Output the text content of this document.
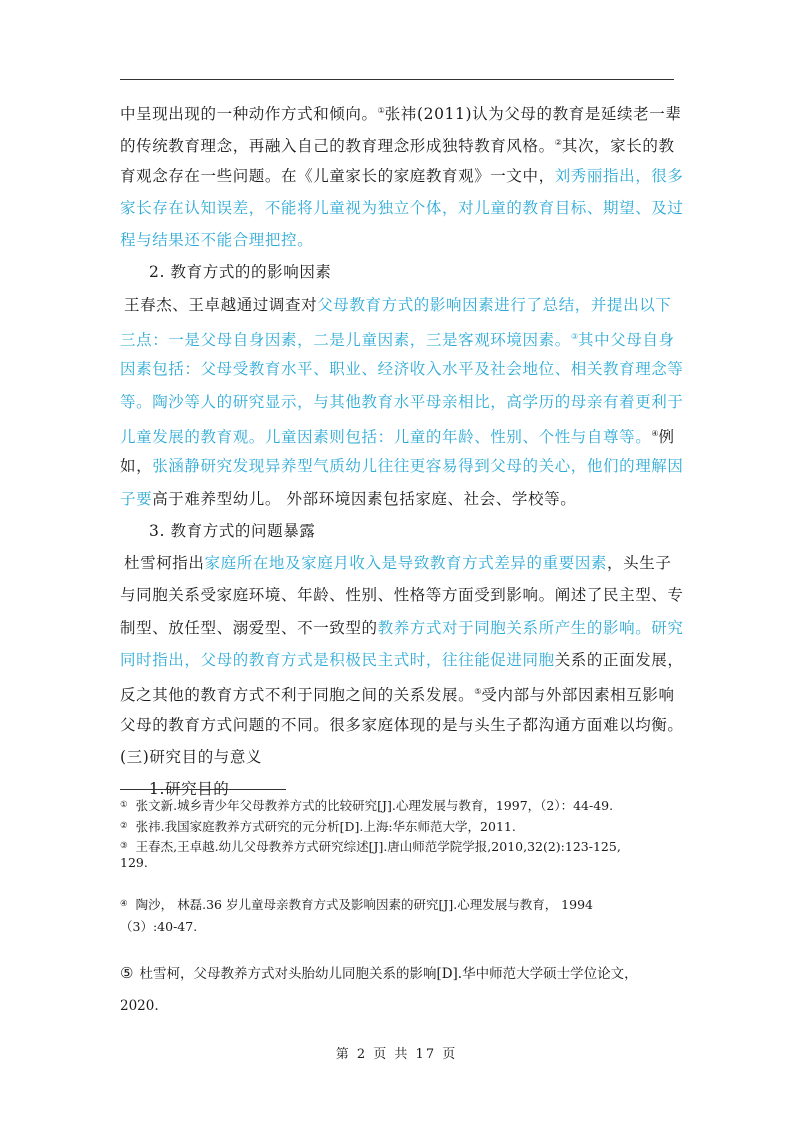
中呈现出现的一种动作方式和倾向。①张祎(2011)认为父母的教育是延续老一辈
的传统教育理念，再融入自己的教育理念形成独特教育风格。②其次，家长的教
育观念存在一些问题。在《儿童家长的家庭教育观》一文中，刘秀丽指出，很多
家长存在认知误差，不能将儿童视为独立个体，对儿童的教育目标、期望、及过
程与结果还不能合理把控。
2. 教育方式的的影响因素
王春杰、王卓越通过调查对父母教育方式的影响因素进行了总结，并提出以下
三点：一是父母自身因素，二是儿童因素，三是客观环境因素。③其中父母自身
因素包括：父母受教育水平、职业、经济收入水平及社会地位、相关教育理念等
等。陶沙等人的研究显示，与其他教育水平母亲相比，高学历的母亲有着更利于
儿童发展的教育观。儿童因素则包括：儿童的年龄、性别、个性与自尊等。④例
如，张涵静研究发现异养型气质幼儿往往更容易得到父母的关心，他们的理解因
子要高于难养型幼儿。 外部环境因素包括家庭、社会、学校等。
3. 教育方式的问题暴露
杜雪柯指出家庭所在地及家庭月收入是导致教育方式差异的重要因素，头生子
与同胞关系受家庭环境、年龄、性别、性格等方面受到影响。阐述了民主型、专
制型、放任型、溺爱型、不一致型的教养方式对于同胞关系所产生的影响。研究
同时指出，父母的教育方式是积极民主式时，往往能促进同胞关系的正面发展，
反之其他的教育方式不利于同胞之间的关系发展。⑤受内部与外部因素相互影响
父母的教育方式问题的不同。很多家庭体现的是与头生子都沟通方面难以均衡。
(三)研究目的与意义
1.研究目的
① 张文新.城乡青少年父母教养方式的比较研究[J].心理发展与教育，1997，（2）：44-49.
② 张祎.我国家庭教养方式研究的元分析[D].上海:华东师范大学，2011.
③ 王春杰,王卓越.幼儿父母教养方式研究综述[J].唐山师范学院学报,2010,32(2):123-125,
129.
④ 陶沙， 林磊.36 岁儿童母亲教育方式及影响因素的研究[J].心理发展与教育， 1994
（3）:40-47.
⑤ 杜雪柯，父母教养方式对头胎幼儿同胞关系的影响[D].华中师范大学硕士学位论文，
2020.
第 2 页 共 17 页
